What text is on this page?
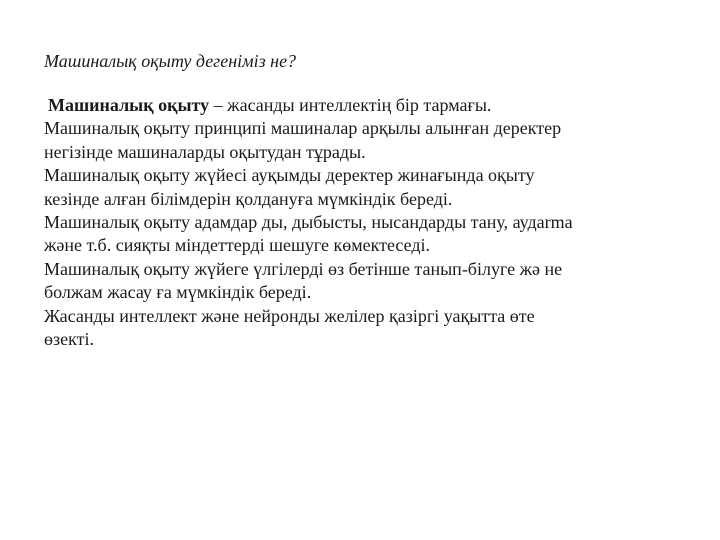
Машиналық оқыту дегеніміз не?

Машиналық оқыту – жасанды интеллектің бір тармағы.
Машиналық оқыту принципі машиналар арқылы алынған деректер
негізінде машиналарды оқытудан тұрады.
Машиналық оқыту жүйесі ауқымды деректер жинағында оқыту
кезінде алған білімдерін қолдануға мүмкіндік береді.
Машиналық оқыту адамдар ды, дыбысты, нысандарды тану, аудarma
және т.б. сияқты міндеттерді шешуге көмектеседі.
Машиналық оқыту жүйеге үлгілерді өз бетінше танып-білуге жә не
болжам жасау ға мүмкіндік береді.
Жасанды интеллект және нейронды желілер қазіргі уақытта өте
өзекті.
